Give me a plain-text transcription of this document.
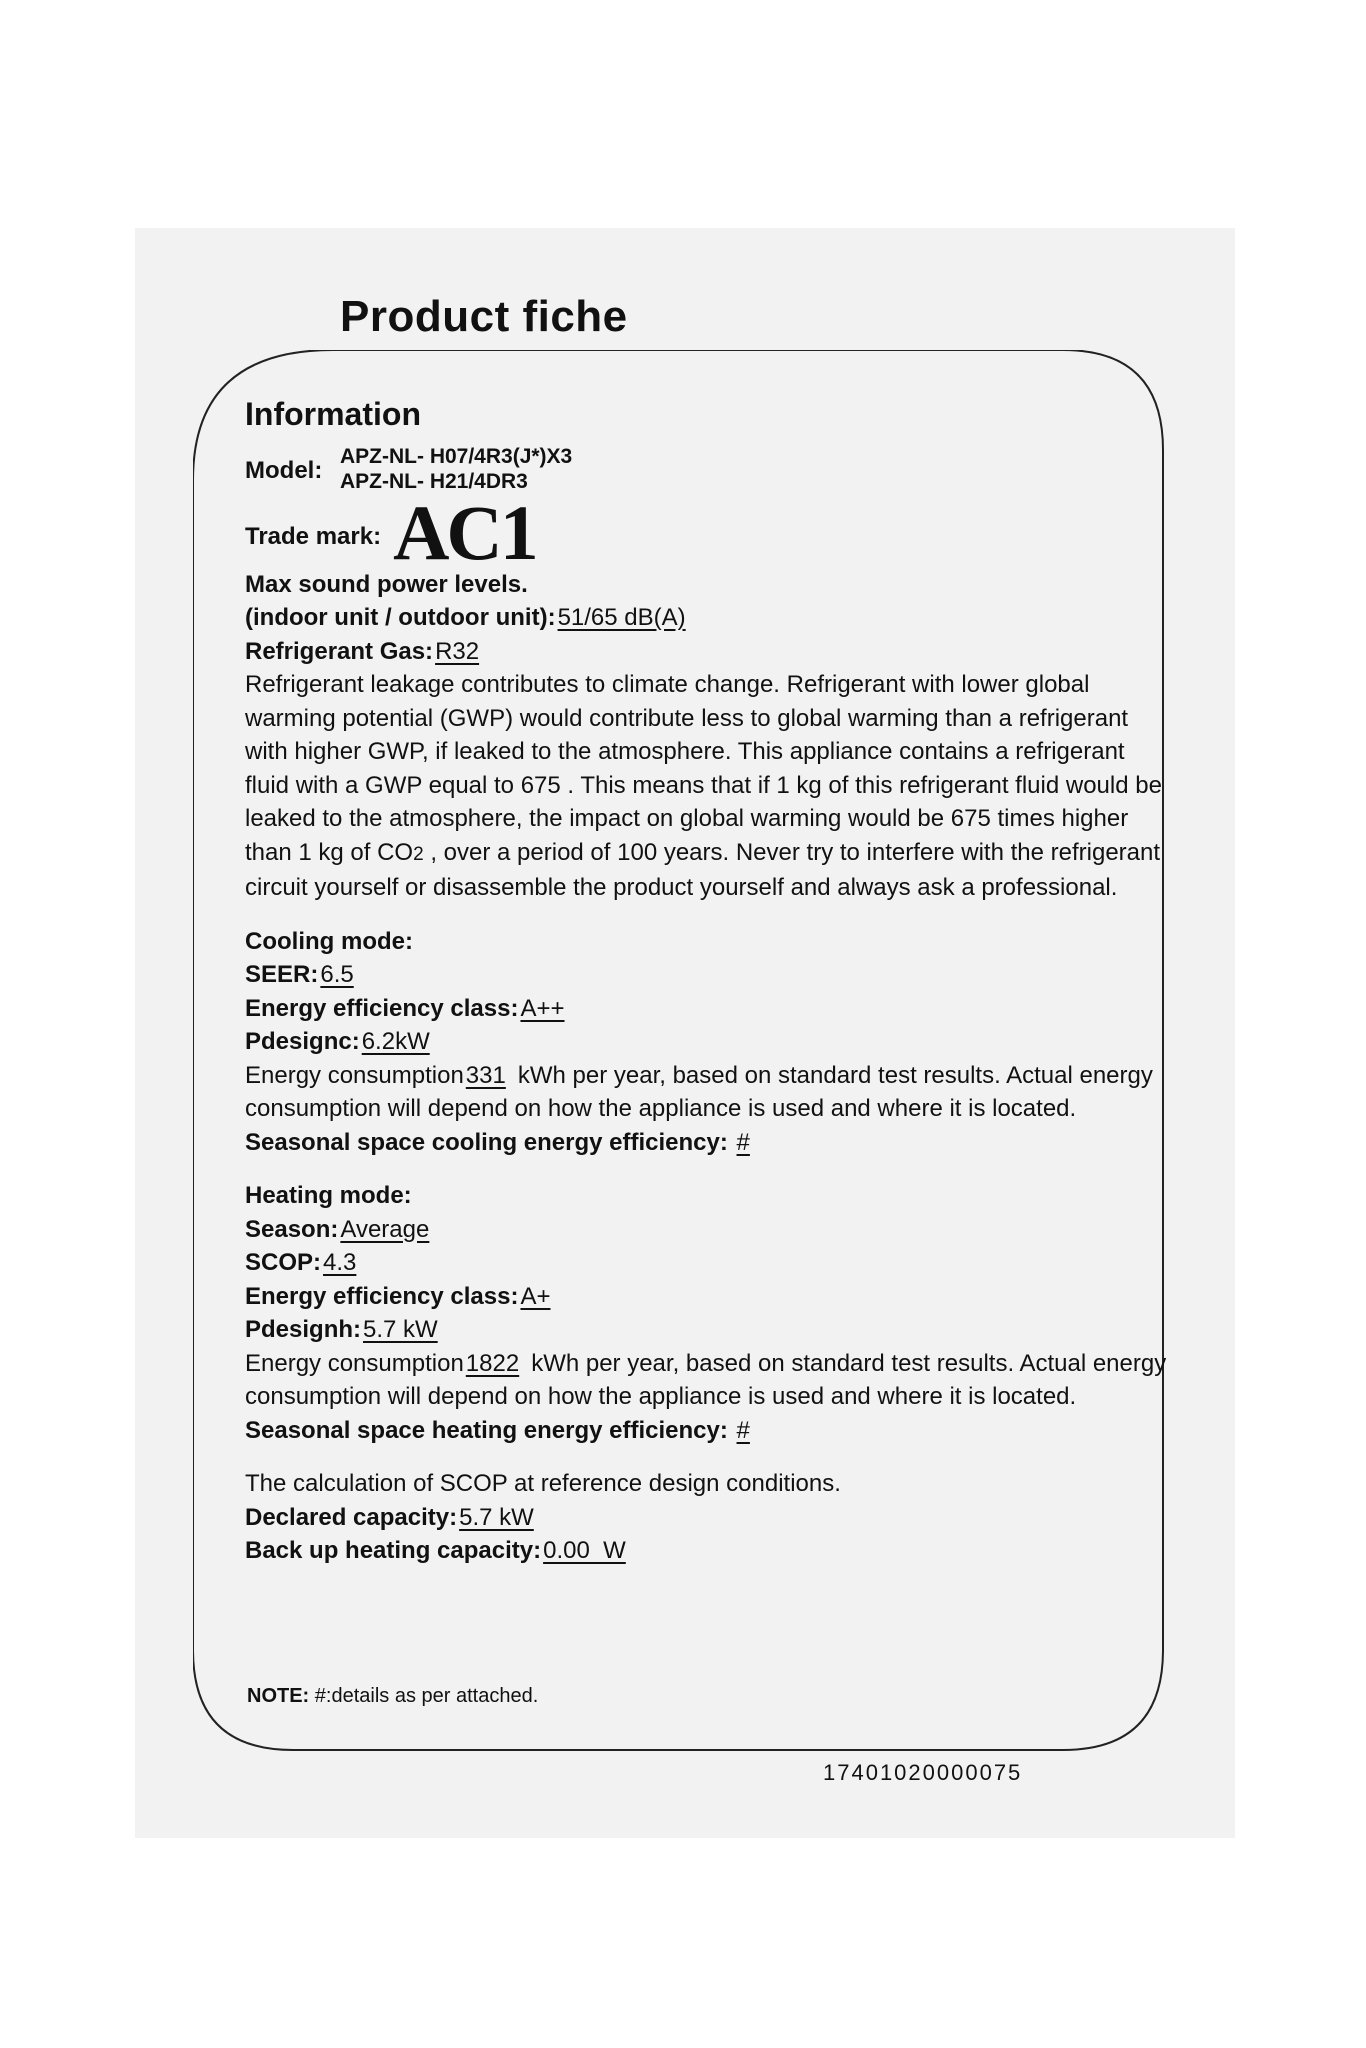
Product fiche
Information
Model:
APZ-NL- H07/4R3(J*)X3
APZ-NL- H21/4DR3
Trade mark: AC1
Max sound power levels.
(indoor unit / outdoor unit):51/65 dB(A)
Refrigerant Gas:R32

Refrigerant leakage contributes to climate change. Refrigerant with lower global warming potential (GWP) would contribute less to global warming than a refrigerant with higher GWP, if leaked to the atmosphere. This appliance contains a refrigerant fluid with a GWP equal to 675 . This means that if 1 kg of this refrigerant fluid would be leaked to the atmosphere, the impact on global warming would be 675 times higher than 1 kg of CO2 , over a period of 100 years. Never try to interfere with the refrigerant circuit yourself or disassemble the product yourself and always ask a professional.

Cooling mode:
SEER:6.5
Energy efficiency class:A++
Pdesignc:6.2kW

Energy consumption331 kWh per year, based on standard test results. Actual energy consumption will depend on how the appliance is used and where it is located.

Seasonal space cooling energy efficiency: #
Heating mode:
Season:Average
SCOP:4.3
Energy efficiency class:A+
Pdesignh:5.7 kW

Energy consumption1822 kWh per year, based on standard test results. Actual energy consumption will depend on how the appliance is used and where it is located.

Seasonal space heating energy efficiency: #
The calculation of SCOP at reference design conditions.
Declared capacity:5.7 kW
Back up heating capacity:0.00  W
NOTE: #:details as per attached.
17401020000075
